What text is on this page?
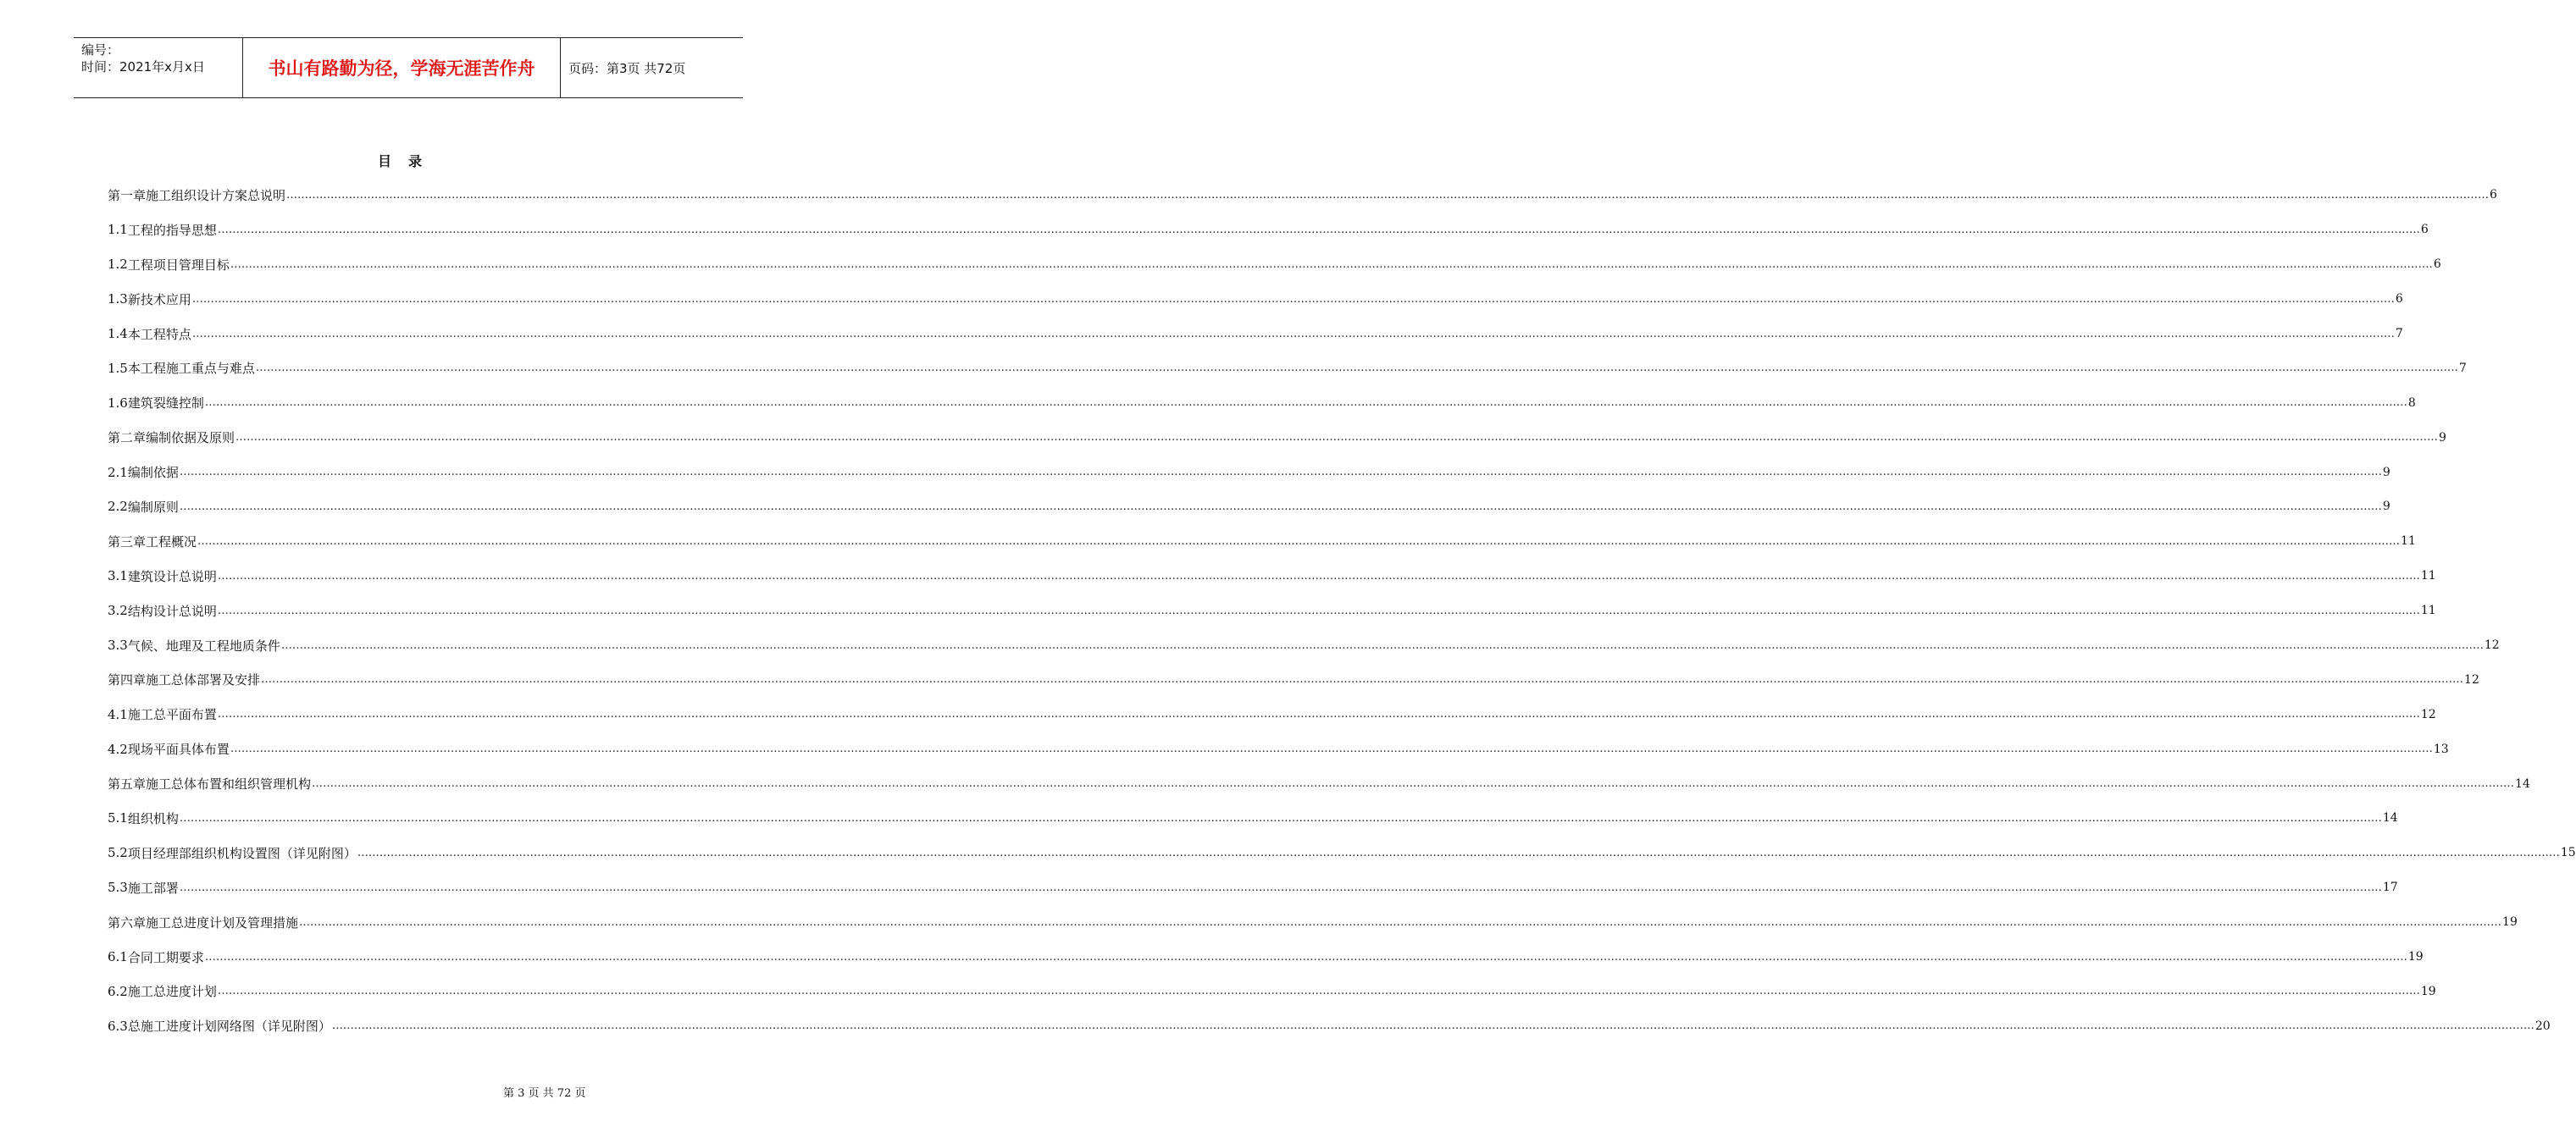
编号：
时间：2021年x月x日	书山有路勤为径，学海无涯苦作舟	页码：第3页 共72页
目录
第一章 施工组织设计方案总说明 …………………………………………………………………………………………………………………………………………………………………………………………………………………………………………………………………………………………………………………………………………………………………………………………………………………………………………………………………………………………………………………………………………………… 6
1.1 工程的指导思想 …………………………………………………………………………………………………………………………………………………………………………………………………………………………………………………………………………………………………………………………………………………………………………………………………………………………………………………………………………………………………………………………………………………… 6
1.2 工程项目管理目标 …………………………………………………………………………………………………………………………………………………………………………………………………………………………………………………………………………………………………………………………………………………………………………………………………………………………………………………………………………………………………………………………………………………… 6
1.3 新技术应用 …………………………………………………………………………………………………………………………………………………………………………………………………………………………………………………………………………………………………………………………………………………………………………………………………………………………………………………………………………………………………………………………………………………… 6
1.4 本工程特点 …………………………………………………………………………………………………………………………………………………………………………………………………………………………………………………………………………………………………………………………………………………………………………………………………………………………………………………………………………………………………………………………………………………… 7
1.5 本工程施工重点与难点 …………………………………………………………………………………………………………………………………………………………………………………………………………………………………………………………………………………………………………………………………………………………………………………………………………………………………………………………………………………………………………………………………………………… 7
1.6 建筑裂缝控制 …………………………………………………………………………………………………………………………………………………………………………………………………………………………………………………………………………………………………………………………………………………………………………………………………………………………………………………………………………………………………………………………………………………… 8
第二章 编制依据及原则 …………………………………………………………………………………………………………………………………………………………………………………………………………………………………………………………………………………………………………………………………………………………………………………………………………………………………………………………………………………………………………………………………………………… 9
2.1 编制依据 …………………………………………………………………………………………………………………………………………………………………………………………………………………………………………………………………………………………………………………………………………………………………………………………………………………………………………………………………………………………………………………………………………………… 9
2.2 编制原则 …………………………………………………………………………………………………………………………………………………………………………………………………………………………………………………………………………………………………………………………………………………………………………………………………………………………………………………………………………………………………………………………………………………… 9
第三章 工程概况 …………………………………………………………………………………………………………………………………………………………………………………………………………………………………………………………………………………………………………………………………………………………………………………………………………………………………………………………………………………………………………………………………………………… 11
3.1 建筑设计总说明 …………………………………………………………………………………………………………………………………………………………………………………………………………………………………………………………………………………………………………………………………………………………………………………………………………………………………………………………………………………………………………………………………………………… 11
3.2 结构设计总说明 …………………………………………………………………………………………………………………………………………………………………………………………………………………………………………………………………………………………………………………………………………………………………………………………………………………………………………………………………………………………………………………………………………………… 11
3.3 气候、地理及工程地质条件 …………………………………………………………………………………………………………………………………………………………………………………………………………………………………………………………………………………………………………………………………………………………………………………………………………………………………………………………………………………………………………………………………………………… 12
第四章 施工总体部署及安排 …………………………………………………………………………………………………………………………………………………………………………………………………………………………………………………………………………………………………………………………………………………………………………………………………………………………………………………………………………………………………………………………………………………… 12
4.1 施工总平面布置 …………………………………………………………………………………………………………………………………………………………………………………………………………………………………………………………………………………………………………………………………………………………………………………………………………………………………………………………………………………………………………………………………………………… 12
4.2 现场平面具体布置 …………………………………………………………………………………………………………………………………………………………………………………………………………………………………………………………………………………………………………………………………………………………………………………………………………………………………………………………………………………………………………………………………………………… 13
第五章 施工总体布置和组织管理机构 …………………………………………………………………………………………………………………………………………………………………………………………………………………………………………………………………………………………………………………………………………………………………………………………………………………………………………………………………………………………………………………………………………………… 14
5.1 组织机构 …………………………………………………………………………………………………………………………………………………………………………………………………………………………………………………………………………………………………………………………………………………………………………………………………………………………………………………………………………………………………………………………………………………… 14
5.2 项目经理部组织机构设置图（详见附图） …………………………………………………………………………………………………………………………………………………………………………………………………………………………………………………………………………………………………………………………………………………………………………………………………………………………………………………………………………………………………………………………………………………… 15
5.3 施工部署 …………………………………………………………………………………………………………………………………………………………………………………………………………………………………………………………………………………………………………………………………………………………………………………………………………………………………………………………………………………………………………………………………………………… 17
第六章 施工总进度计划及管理措施 …………………………………………………………………………………………………………………………………………………………………………………………………………………………………………………………………………………………………………………………………………………………………………………………………………………………………………………………………………………………………………………………………………………… 19
6.1 合同工期要求 …………………………………………………………………………………………………………………………………………………………………………………………………………………………………………………………………………………………………………………………………………………………………………………………………………………………………………………………………………………………………………………………………………………… 19
6.2 施工总进度计划 …………………………………………………………………………………………………………………………………………………………………………………………………………………………………………………………………………………………………………………………………………………………………………………………………………………………………………………………………………………………………………………………………………………… 19
6.3 总施工进度计划网络图（详见附图） …………………………………………………………………………………………………………………………………………………………………………………………………………………………………………………………………………………………………………………………………………………………………………………………………………………………………………………………………………………………………………………………………………………… 20
第 3 页 共 72 页
